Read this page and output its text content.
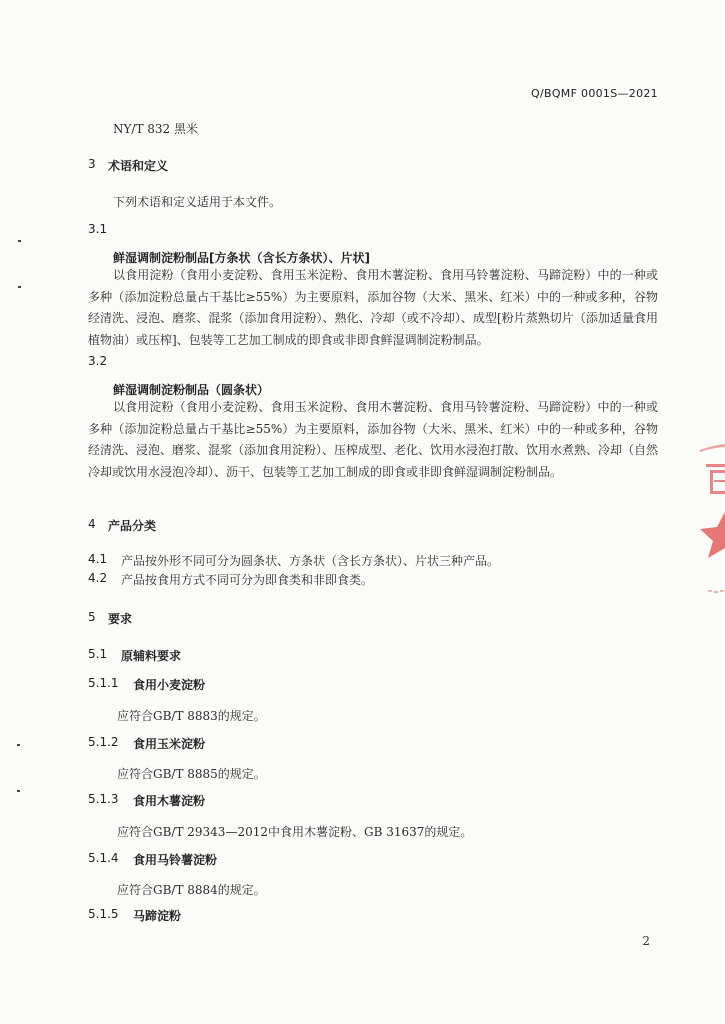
Q/BQMF 0001S—2021
NY/T 832 黑米
3 术语和定义
下列术语和定义适用于本文件。
3.1
鲜湿调制淀粉制品[方条状（含长方条状）、片状]
以食用淀粉（食用小麦淀粉、食用玉米淀粉、食用木薯淀粉、食用马铃薯淀粉、马蹄淀粉）中的一种或多种（添加淀粉总量占干基比≥55%）为主要原料，添加谷物（大米、黑米、红米）中的一种或多种，谷物经清洗、浸泡、磨浆、混浆（添加食用淀粉）、熟化、冷却（或不冷却）、成型[粉片蒸熟切片（添加适量食用植物油）或压榨]、包装等工艺加工制成的即食或非即食鲜湿调制淀粉制品。
3.2
鲜湿调制淀粉制品（圆条状）
以食用淀粉（食用小麦淀粉、食用玉米淀粉、食用木薯淀粉、食用马铃薯淀粉、马蹄淀粉）中的一种或多种（添加淀粉总量占干基比≥55%）为主要原料，添加谷物（大米、黑米、红米）中的一种或多种，谷物经清洗、浸泡、磨浆、混浆（添加食用淀粉）、压榨成型、老化、饮用水浸泡打散、饮用水煮熟、冷却（自然冷却或饮用水浸泡冷却）、沥干、包装等工艺加工制成的即食或非即食鲜湿调制淀粉制品。
4 产品分类
4.1 产品按外形不同可分为圆条状、方条状（含长方条状）、片状三种产品。
4.2 产品按食用方式不同可分为即食类和非即食类。
5 要求
5.1 原辅料要求
5.1.1 食用小麦淀粉
应符合GB/T 8883的规定。
5.1.2 食用玉米淀粉
应符合GB/T 8885的规定。
5.1.3 食用木薯淀粉
应符合GB/T 29343—2012中食用木薯淀粉、GB 31637的规定。
5.1.4 食用马铃薯淀粉
应符合GB/T 8884的规定。
5.1.5 马蹄淀粉
2
